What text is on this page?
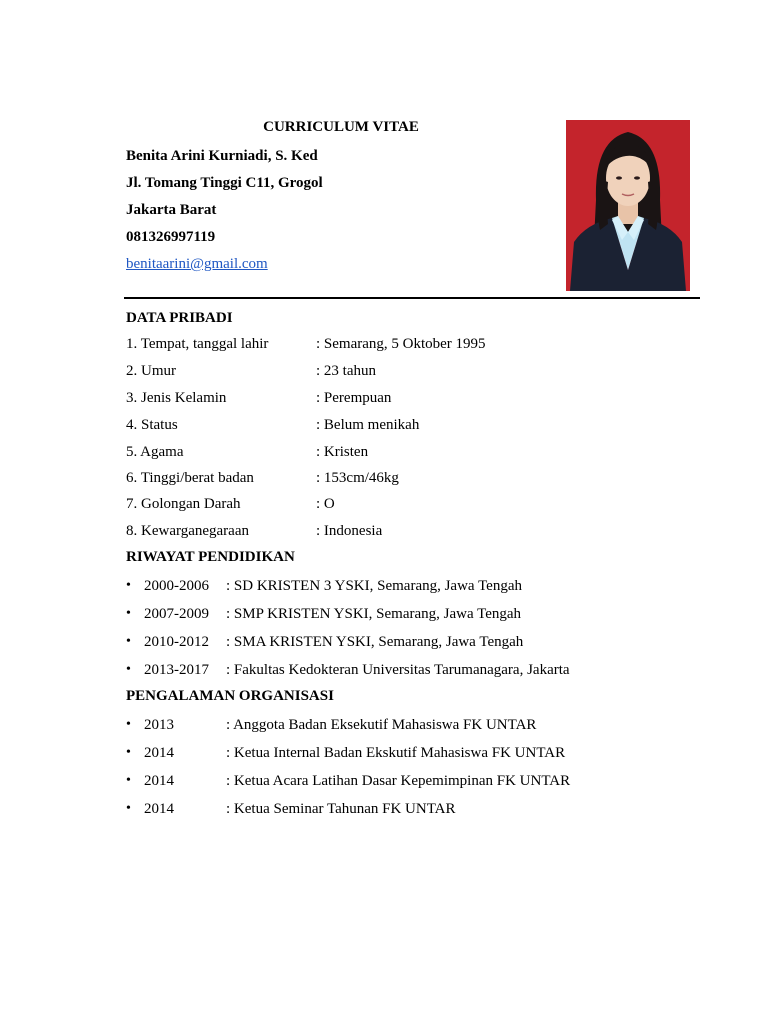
CURRICULUM VITAE
Benita Arini Kurniadi, S. Ked
Jl. Tomang Tinggi C11, Grogol
Jakarta Barat
081326997119
benitaarini@gmail.com
DATA PRIBADI
1. Tempat, tanggal lahir	: Semarang, 5 Oktober 1995
2. Umur	: 23 tahun
3. Jenis Kelamin	: Perempuan
4. Status	: Belum menikah
5. Agama	: Kristen
6. Tinggi/berat badan	: 153cm/46kg
7. Golongan Darah	: O
8. Kewarganegaraan	: Indonesia
RIWAYAT PENDIDIKAN
• 2000-2006 : SD KRISTEN 3 YSKI, Semarang, Jawa Tengah
• 2007-2009 : SMP KRISTEN YSKI, Semarang, Jawa Tengah
• 2010-2012 : SMA KRISTEN YSKI, Semarang, Jawa Tengah
• 2013-2017 : Fakultas Kedokteran Universitas Tarumanagara, Jakarta
PENGALAMAN ORGANISASI
• 2013	: Anggota Badan Eksekutif Mahasiswa FK UNTAR
• 2014	: Ketua Internal Badan Ekskutif Mahasiswa FK UNTAR
• 2014	: Ketua Acara Latihan Dasar Kepemimpinan FK UNTAR
• 2014	: Ketua Seminar Tahunan FK UNTAR
